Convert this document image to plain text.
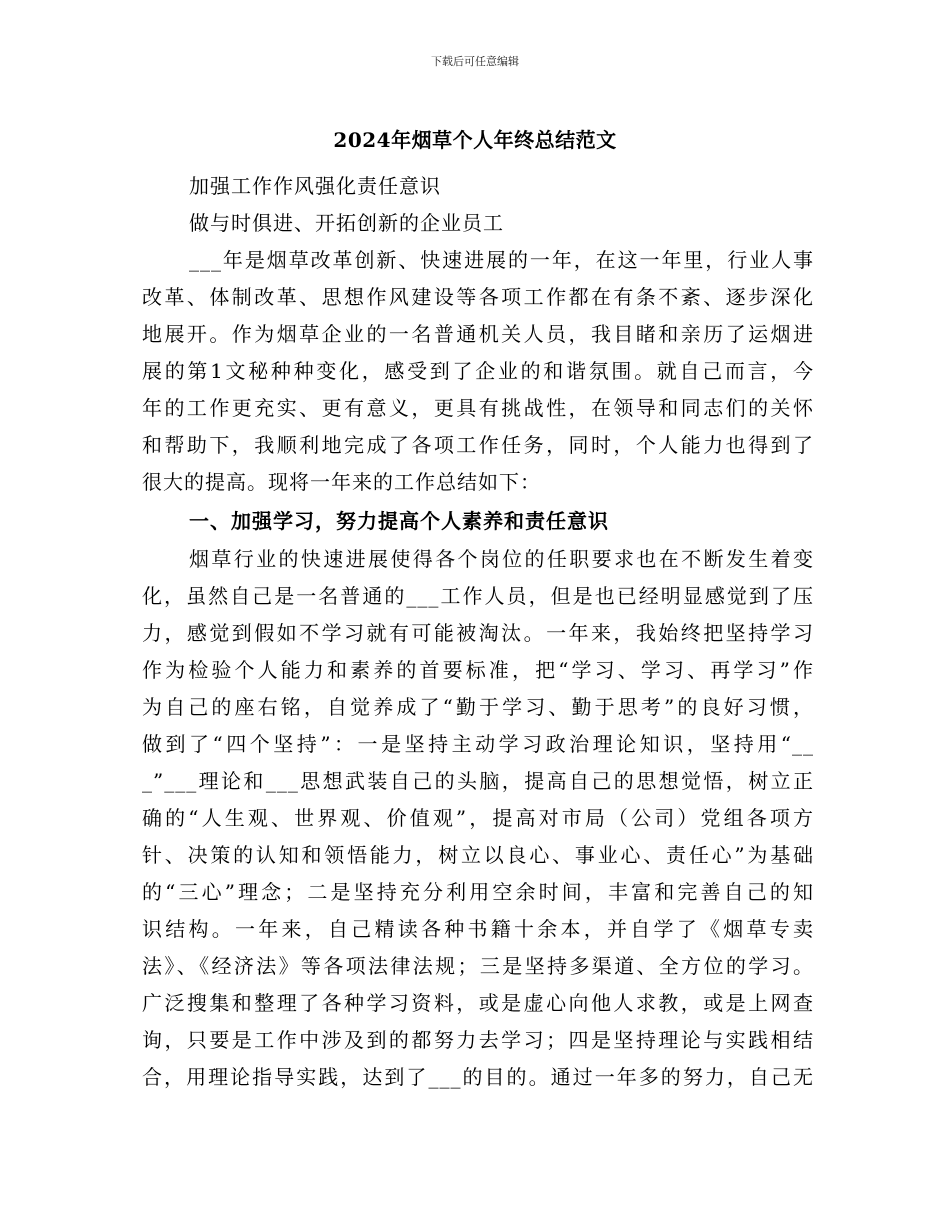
下载后可任意编辑
2024年烟草个人年终总结范文
加强工作作风强化责任意识
做与时俱进、开拓创新的企业员工
___年是烟草改革创新、快速进展的一年，在这一年里，行业人事
改革、体制改革、思想作风建设等各项工作都在有条不紊、逐步深化
地展开。作为烟草企业的一名普通机关人员，我目睹和亲历了运烟进
展的第1文秘种种变化，感受到了企业的和谐氛围。就自己而言，今
年的工作更充实、更有意义，更具有挑战性，在领导和同志们的关怀
和帮助下，我顺利地完成了各项工作任务，同时，个人能力也得到了
很大的提高。现将一年来的工作总结如下：
一、加强学习，努力提高个人素养和责任意识
烟草行业的快速进展使得各个岗位的任职要求也在不断发生着变
化，虽然自己是一名普通的___工作人员，但是也已经明显感觉到了压
力，感觉到假如不学习就有可能被淘汰。一年来，我始终把坚持学习
作为检验个人能力和素养的首要标准，把“学习、学习、再学习”作
为自己的座右铭，自觉养成了“勤于学习、勤于思考”的良好习惯，
做到了“四个坚持”：一是坚持主动学习政治理论知识，坚持用“__
_”___理论和___思想武装自己的头脑，提高自己的思想觉悟，树立正
确的“人生观、世界观、价值观”，提高对市局（公司）党组各项方
针、决策的认知和领悟能力，树立以良心、事业心、责任心”为基础
的“三心”理念；二是坚持充分利用空余时间，丰富和完善自己的知
识结构。一年来，自己精读各种书籍十余本，并自学了《烟草专卖
法》、《经济法》等各项法律法规；三是坚持多渠道、全方位的学习。
广泛搜集和整理了各种学习资料，或是虚心向他人求教，或是上网查
询，只要是工作中涉及到的都努力去学习；四是坚持理论与实践相结
合，用理论指导实践，达到了___的目的。通过一年多的努力，自己无
